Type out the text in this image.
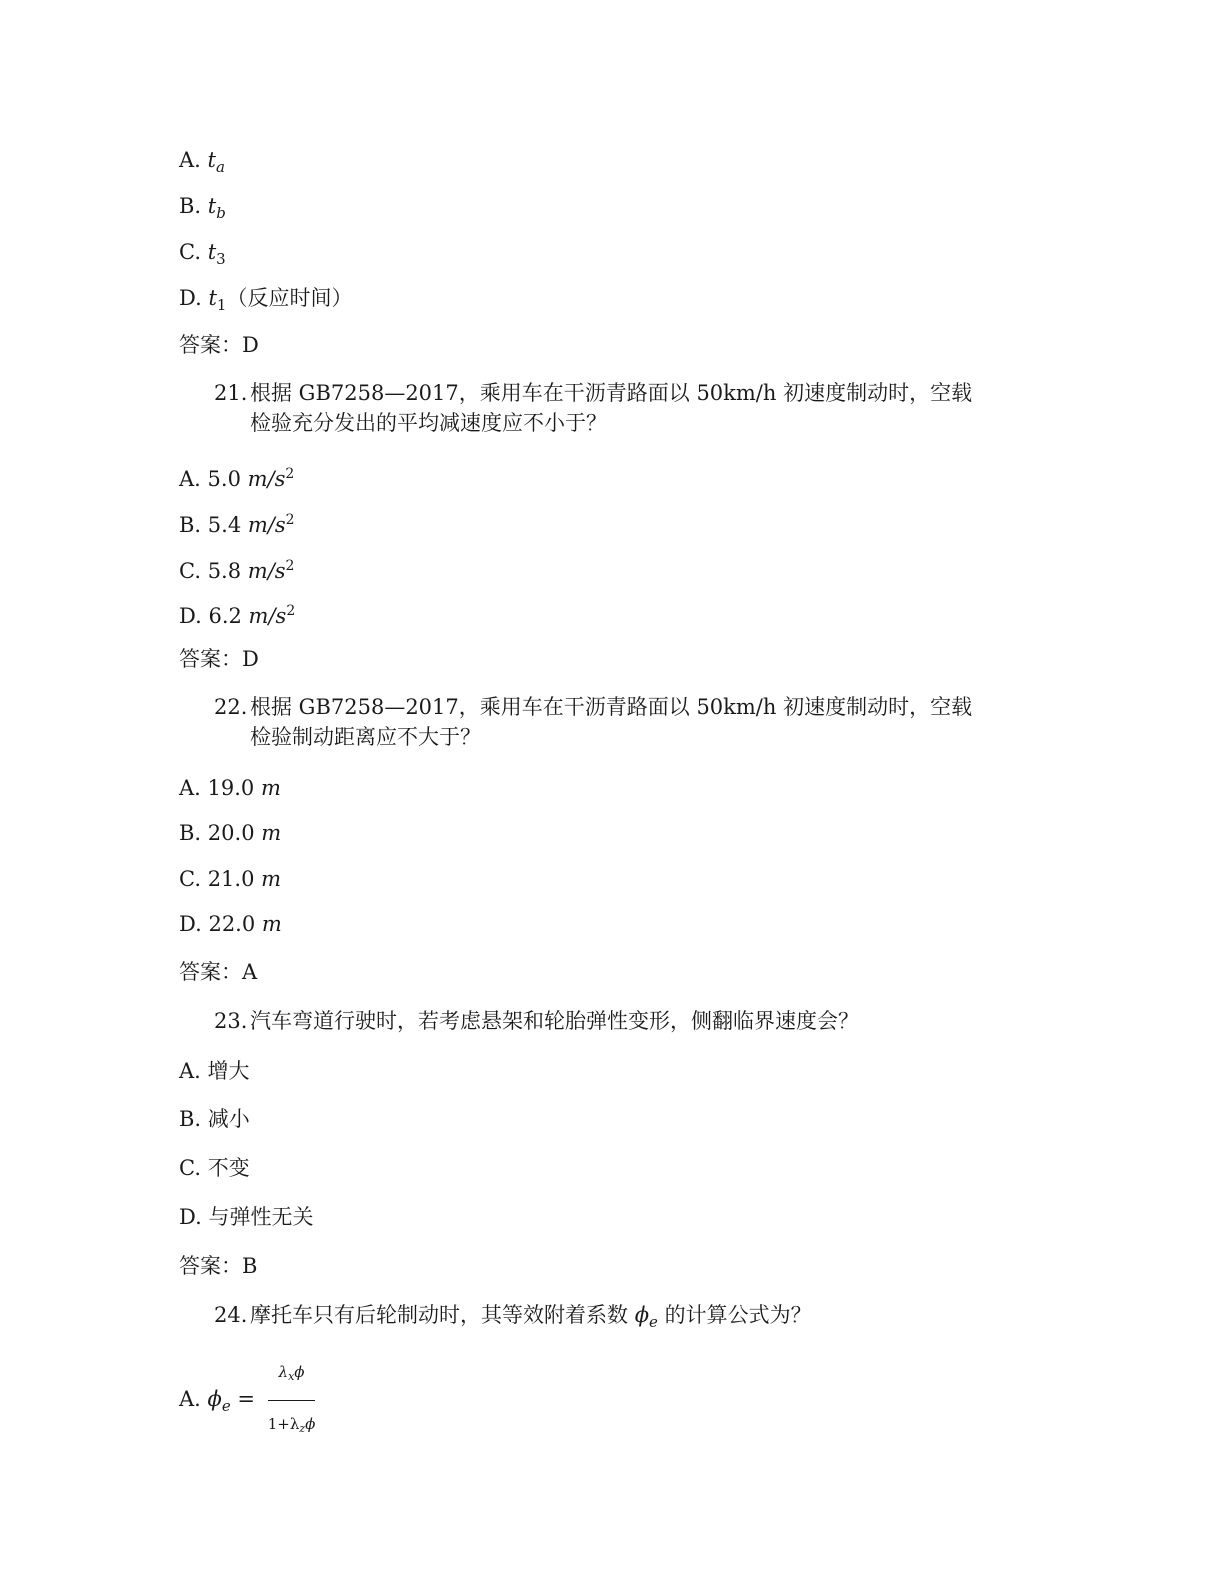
A. $t_a$
B. $t_b$
C. $t_3$
D. $t_1$（反应时间）
答案：D
21. 根据 GB7258—2017，乘用车在干沥青路面以 50km/h 初速度制动时，空载
检验充分发出的平均减速度应不小于？
A. 5.0 $m/s^2$
B. 5.4 $m/s^2$
C. 5.8 $m/s^2$
D. 6.2 $m/s^2$
答案：D
22. 根据 GB7258—2017，乘用车在干沥青路面以 50km/h 初速度制动时，空载
检验制动距离应不大于？
A. 19.0 m
B. 20.0 m
C. 21.0 m
D. 22.0 m
答案：A
23. 汽车弯道行驶时，若考虑悬架和轮胎弹性变形，侧翻临界速度会？
A. 增大
B. 减小
C. 不变
D. 与弹性无关
答案：B
24. 摩托车只有后轮制动时，其等效附着系数 $\phi_e$ 的计算公式为？
A. $\phi_e = \frac{\lambda_x\phi}{1+\lambda_z\phi}$
